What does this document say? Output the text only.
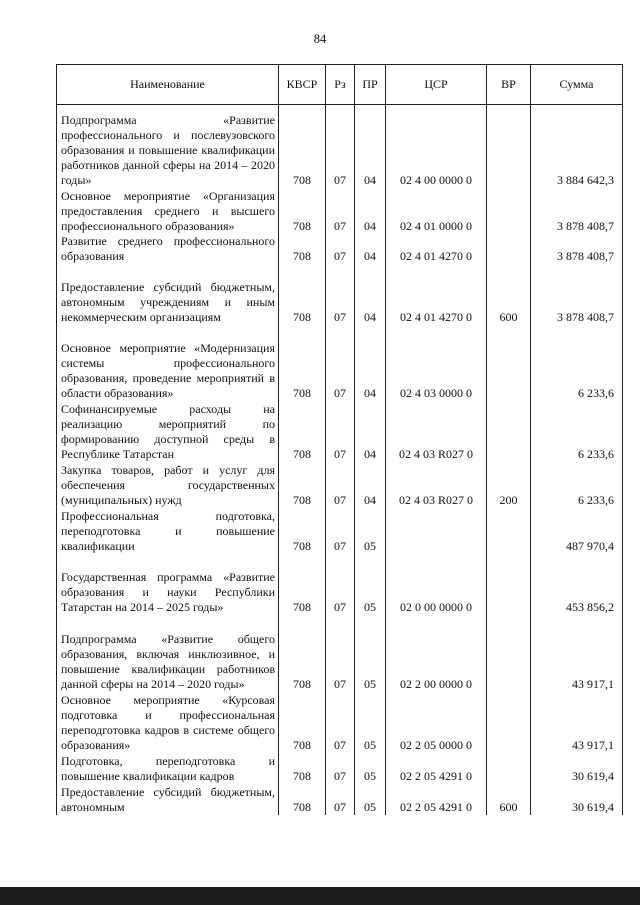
84
Наименование	КВСР	Рз	ПР	ЦСР	ВР	Сумма
Подпрограмма «Развитие профессионального и послевузовского образования и повышение квалификации работников данной сферы на 2014 – 2020 годы»	708	07	04	02 4 00 0000 0		3 884 642,3
Основное мероприятие «Организация предоставления среднего и высшего профессионального образования»	708	07	04	02 4 01 0000 0		3 878 408,7
Развитие среднего профессионального образования	708	07	04	02 4 01 4270 0		3 878 408,7
Предоставление субсидий бюджетным, автономным учреждениям и иным некоммерческим организациям	708	07	04	02 4 01 4270 0	600	3 878 408,7
Основное мероприятие «Модернизация системы профессионального образования, проведение мероприятий в области образования»	708	07	04	02 4 03 0000 0		6 233,6
Софинансируемые расходы на реализацию мероприятий по формированию доступной среды в Республике Татарстан	708	07	04	02 4 03 R027 0		6 233,6
Закупка товаров, работ и услуг для обеспечения государственных (муниципальных) нужд	708	07	04	02 4 03 R027 0	200	6 233,6
Профессиональная подготовка, переподготовка и повышение квалификации	708	07	05			487 970,4
Государственная программа «Развитие образования и науки Республики Татарстан на 2014 – 2025 годы»	708	07	05	02 0 00 0000 0		453 856,2
Подпрограмма «Развитие общего образования, включая инклюзивное, и повышение квалификации работников данной сферы на 2014 – 2020 годы»	708	07	05	02 2 00 0000 0		43 917,1
Основное мероприятие «Курсовая подготовка и профессиональная переподготовка кадров в системе общего образования»	708	07	05	02 2 05 0000 0		43 917,1
Подготовка, переподготовка и повышение квалификации кадров	708	07	05	02 2 05 4291 0		30 619,4
Предоставление субсидий бюджетным, автономным	708	07	05	02 2 05 4291 0	600	30 619,4
